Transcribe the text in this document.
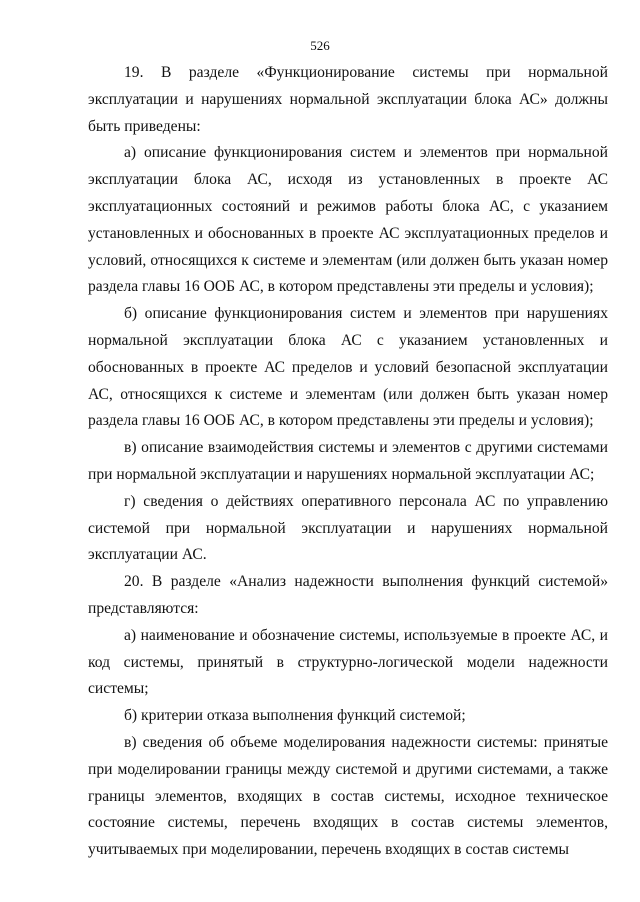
526

19. В разделе «Функционирование системы при нормальной эксплуатации и нарушениях нормальной эксплуатации блока АС» должны быть приведены:

а) описание функционирования систем и элементов при нормальной эксплуатации блока АС, исходя из установленных в проекте АС эксплуатационных состояний и режимов работы блока АС, с указанием установленных и обоснованных в проекте АС эксплуатационных пределов и условий, относящихся к системе и элементам (или должен быть указан номер раздела главы 16 ООБ АС, в котором представлены эти пределы и условия);

б) описание функционирования систем и элементов при нарушениях нормальной эксплуатации блока АС с указанием установленных и обоснованных в проекте АС пределов и условий безопасной эксплуатации АС, относящихся к системе и элементам (или должен быть указан номер раздела главы 16 ООБ АС, в котором представлены эти пределы и условия);

в) описание взаимодействия системы и элементов с другими системами при нормальной эксплуатации и нарушениях нормальной эксплуатации АС;

г) сведения о действиях оперативного персонала АС по управлению системой при нормальной эксплуатации и нарушениях нормальной эксплуатации АС.

20. В разделе «Анализ надежности выполнения функций системой» представляются:

а) наименование и обозначение системы, используемые в проекте АС, и код системы, принятый в структурно-логической модели надежности системы;

б) критерии отказа выполнения функций системой;

в) сведения об объеме моделирования надежности системы: принятые при моделировании границы между системой и другими системами, а также границы элементов, входящих в состав системы, исходное техническое состояние системы, перечень входящих в состав системы элементов, учитываемых при моделировании, перечень входящих в состав системы
